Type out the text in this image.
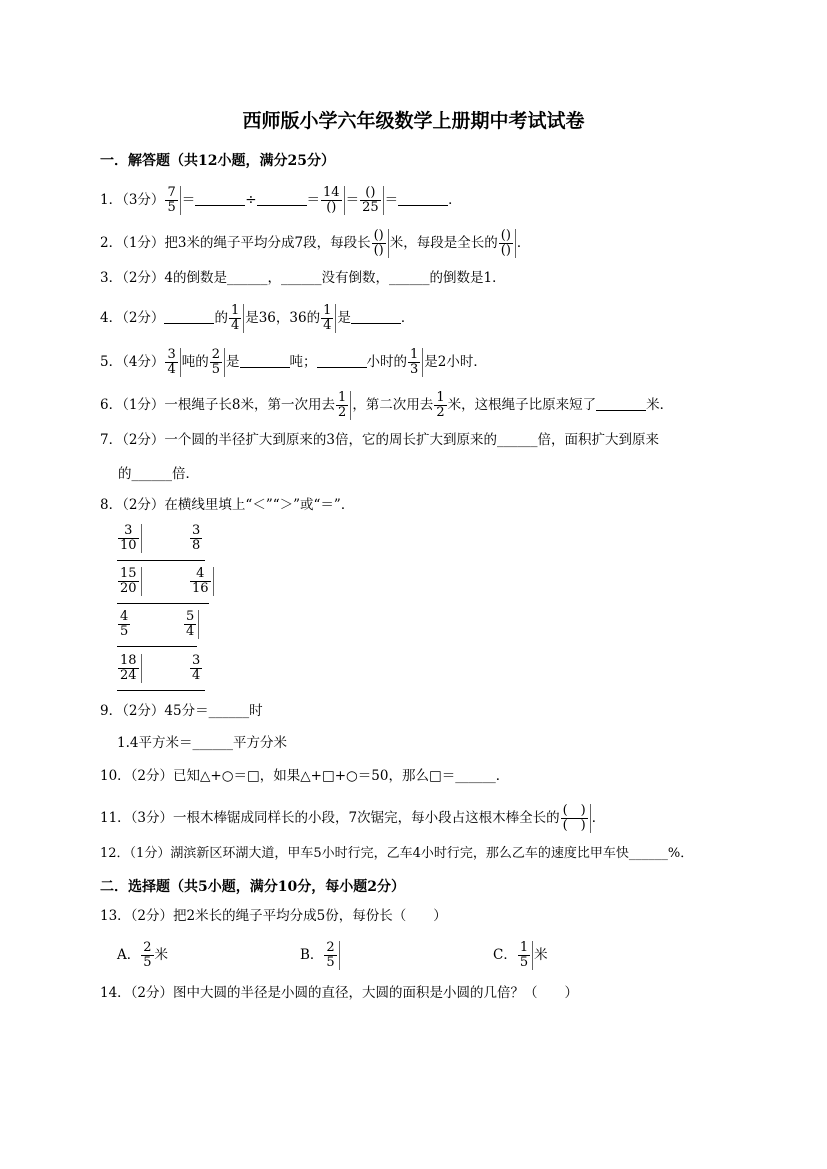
西师版小学六年级数学上册期中考试试卷
一．解答题（共12小题，满分25分）
1．（3分） $\frac{7}{5}$ ＝	÷	＝ $\frac{14}{()} = \frac{()}{25}$ ＝	．
2．（1分）把3米的绳子平均分成7段，每段长 $\frac{()}{()}$ 米，每段是全长的 $\frac{()}{()}$ ．
3．（2分）4的倒数是______，______没有倒数，______的倒数是1．
4．（2分）	的 $\frac{1}{4}$ 是36，36的 $\frac{1}{4}$ 是	．
5．（4分） $\frac{3}{4}$ 吨的 $\frac{2}{5}$ 是	吨；	小时的 $\frac{1}{3}$ 是2小时．
6．（1分）一根绳子长8米，第一次用去 $\frac{1}{2}$ ，第二次用去 $\frac{1}{2}$ 米，这根绳子比原来短了	米．
7．（2分）一个圆的半径扩大到原来的3倍，它的周长扩大到原来的______倍，面积扩大到原来
的______倍．
8．（2分）在横线里填上“＜”“＞”或“＝”．
$\frac{3}{10}$	$\frac{3}{8}$
$\frac{15}{20}$	$\frac{4}{16}$
$\frac{4}{5}$	$\frac{5}{4}$
$\frac{18}{24}$	$\frac{3}{4}$
9．（2分）45分＝______时
1.4平方米＝______平方分米
10．（2分）已知△+○＝□，如果△+□+○＝50，那么□＝______．
11．（3分）一根木棒锯成同样长的小段，7次锯完，每小段占这根木棒全长的 $\frac{( )}{( )}$ ．
12．（1分）湖滨新区环湖大道，甲车5小时行完，乙车4小时行完，那么乙车的速度比甲车快______%．
二．选择题（共5小题，满分10分，每小题2分）
13．（2分）把2米长的绳子平均分成5份，每份长（　　）
A． $\frac{2}{5}$ 米	B． $\frac{2}{5}$	C． $\frac{1}{5}$ 米
14．（2分）图中大圆的半径是小圆的直径，大圆的面积是小圆的几倍？（　　）
